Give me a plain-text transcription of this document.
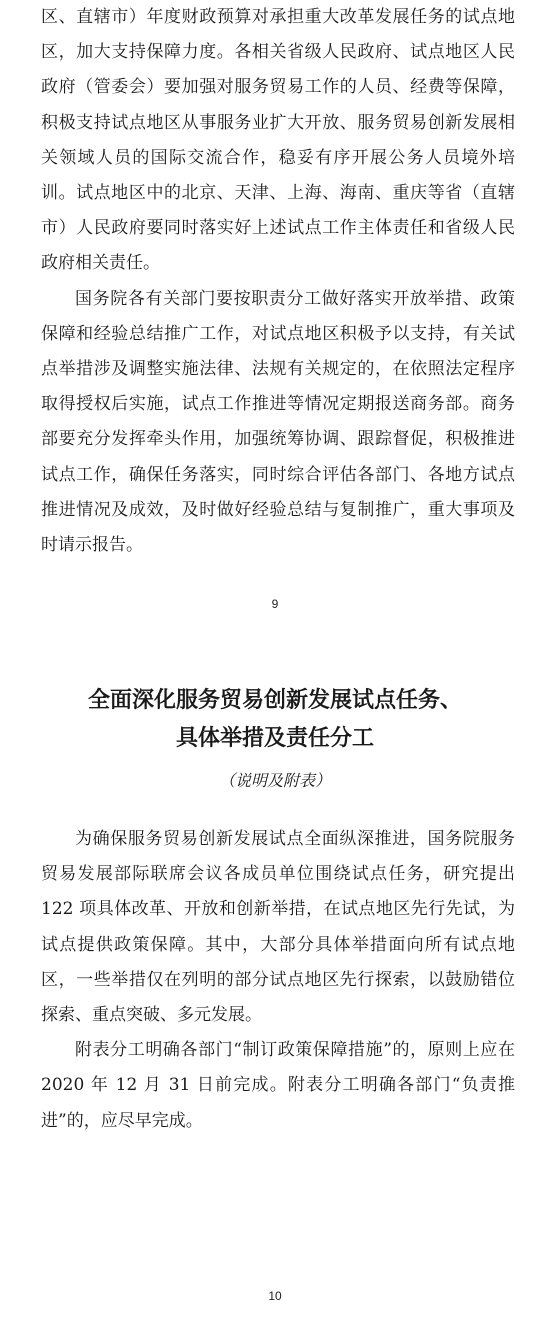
区、直辖市）年度财政预算对承担重大改革发展任务的试点地区，加大支持保障力度。各相关省级人民政府、试点地区人民政府（管委会）要加强对服务贸易工作的人员、经费等保障，积极支持试点地区从事服务业扩大开放、服务贸易创新发展相关领域人员的国际交流合作，稳妥有序开展公务人员境外培训。试点地区中的北京、天津、上海、海南、重庆等省（直辖市）人民政府要同时落实好上述试点工作主体责任和省级人民政府相关责任。

国务院各有关部门要按职责分工做好落实开放举措、政策保障和经验总结推广工作，对试点地区积极予以支持，有关试点举措涉及调整实施法律、法规有关规定的，在依照法定程序取得授权后实施，试点工作推进等情况定期报送商务部。商务部要充分发挥牵头作用，加强统筹协调、跟踪督促，积极推进试点工作，确保任务落实，同时综合评估各部门、各地方试点推进情况及成效，及时做好经验总结与复制推广，重大事项及时请示报告。

9
全面深化服务贸易创新发展试点任务、
具体举措及责任分工
（说明及附表）

为确保服务贸易创新发展试点全面纵深推进，国务院服务贸易发展部际联席会议各成员单位围绕试点任务，研究提出 122 项具体改革、开放和创新举措，在试点地区先行先试，为试点提供政策保障。其中，大部分具体举措面向所有试点地区，一些举措仅在列明的部分试点地区先行探索，以鼓励错位探索、重点突破、多元发展。

附表分工明确各部门“制订政策保障措施”的，原则上应在 2020 年 12 月 31 日前完成。附表分工明确各部门“负责推进”的，应尽早完成。

10
